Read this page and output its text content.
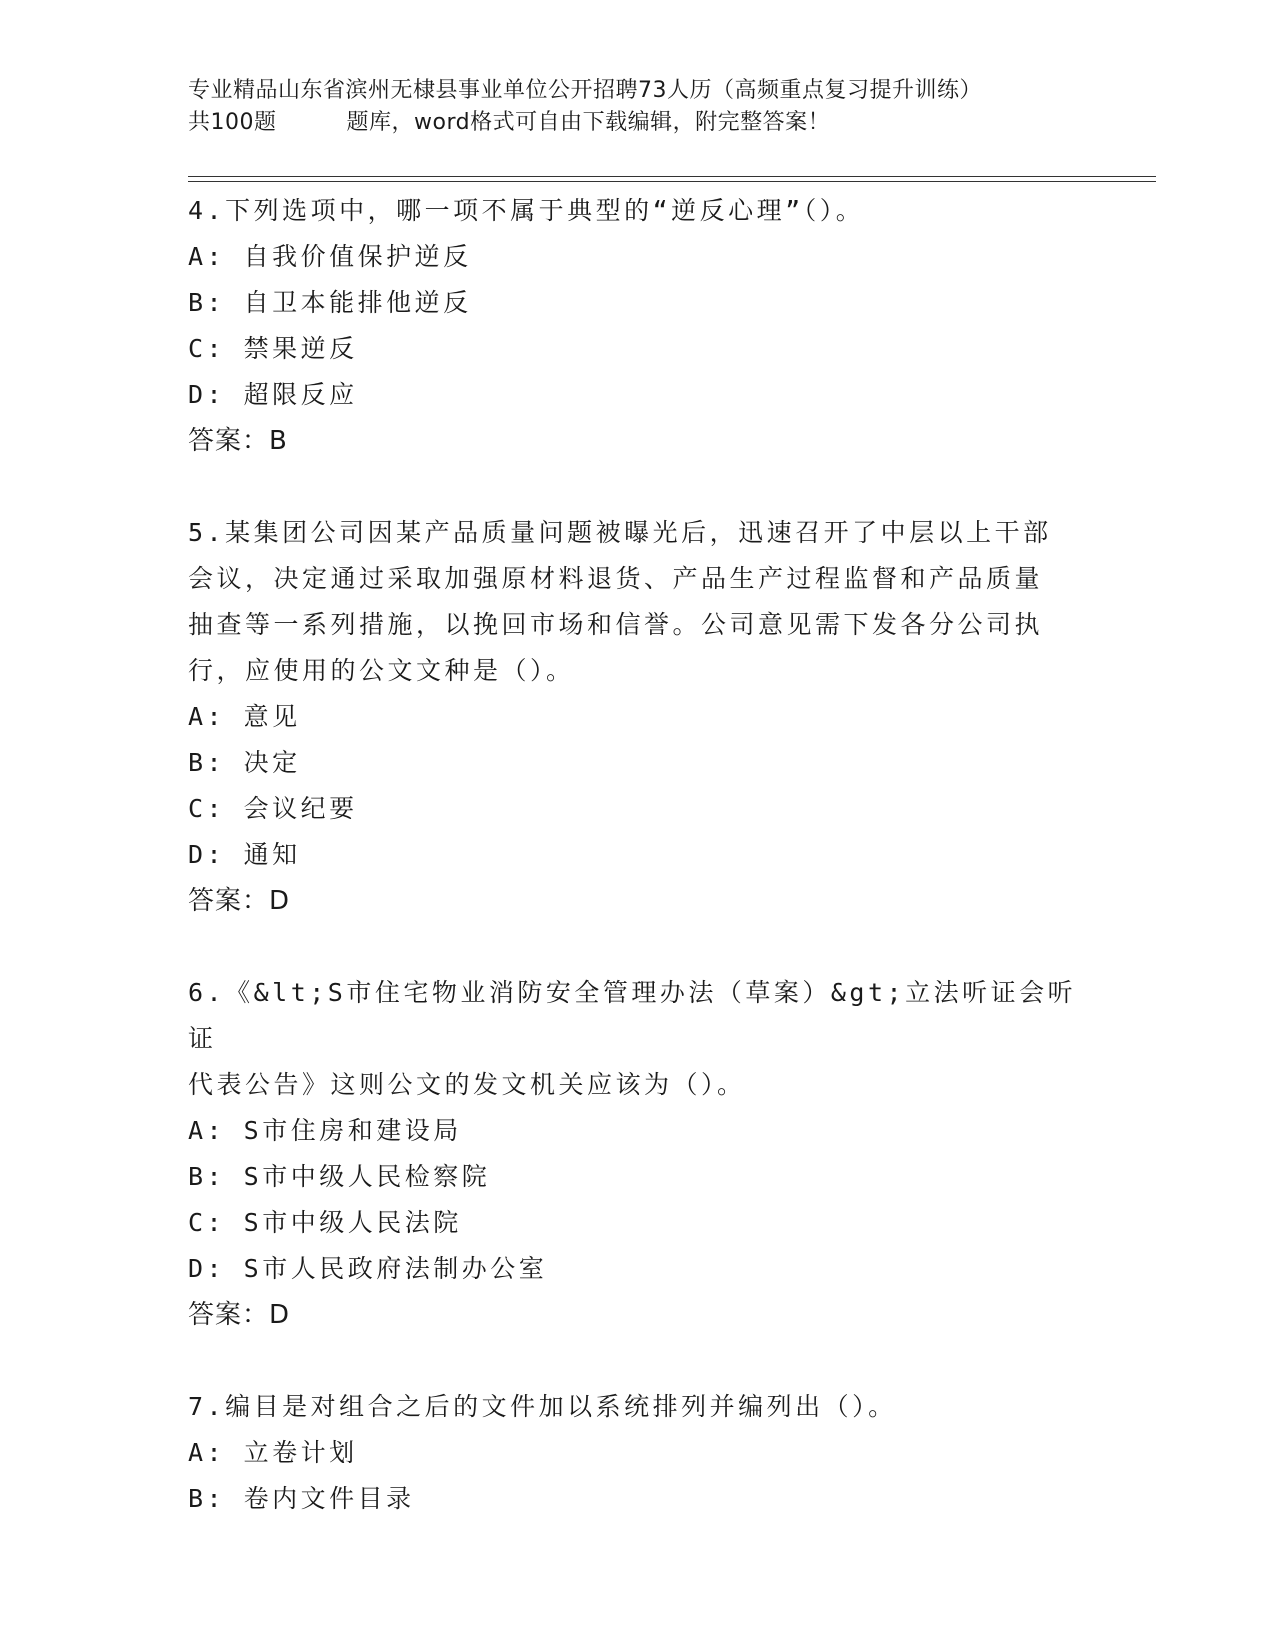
专业精品山东省滨州无棣县事业单位公开招聘73人历（高频重点复习提升训练）
共100题	题库，word格式可自由下载编辑，附完整答案！

4.下列选项中，哪一项不属于典型的“逆反心理”（）。

A: 自我价值保护逆反

B: 自卫本能排他逆反

C: 禁果逆反

D: 超限反应

答案：B

5.某集团公司因某产品质量问题被曝光后，迅速召开了中层以上干部

会议，决定通过采取加强原材料退货、产品生产过程监督和产品质量

抽查等一系列措施，以挽回市场和信誉。公司意见需下发各分公司执

行，应使用的公文文种是（）。

A: 意见

B: 决定

C: 会议纪要

D: 通知

答案：D

6.《&lt;S市住宅物业消防安全管理办法（草案）&gt;立法听证会听证

代表公告》这则公文的发文机关应该为（）。

A: S市住房和建设局

B: S市中级人民检察院

C: S市中级人民法院

D: S市人民政府法制办公室

答案：D

7.编目是对组合之后的文件加以系统排列并编列出（）。

A: 立卷计划

B: 卷内文件目录
